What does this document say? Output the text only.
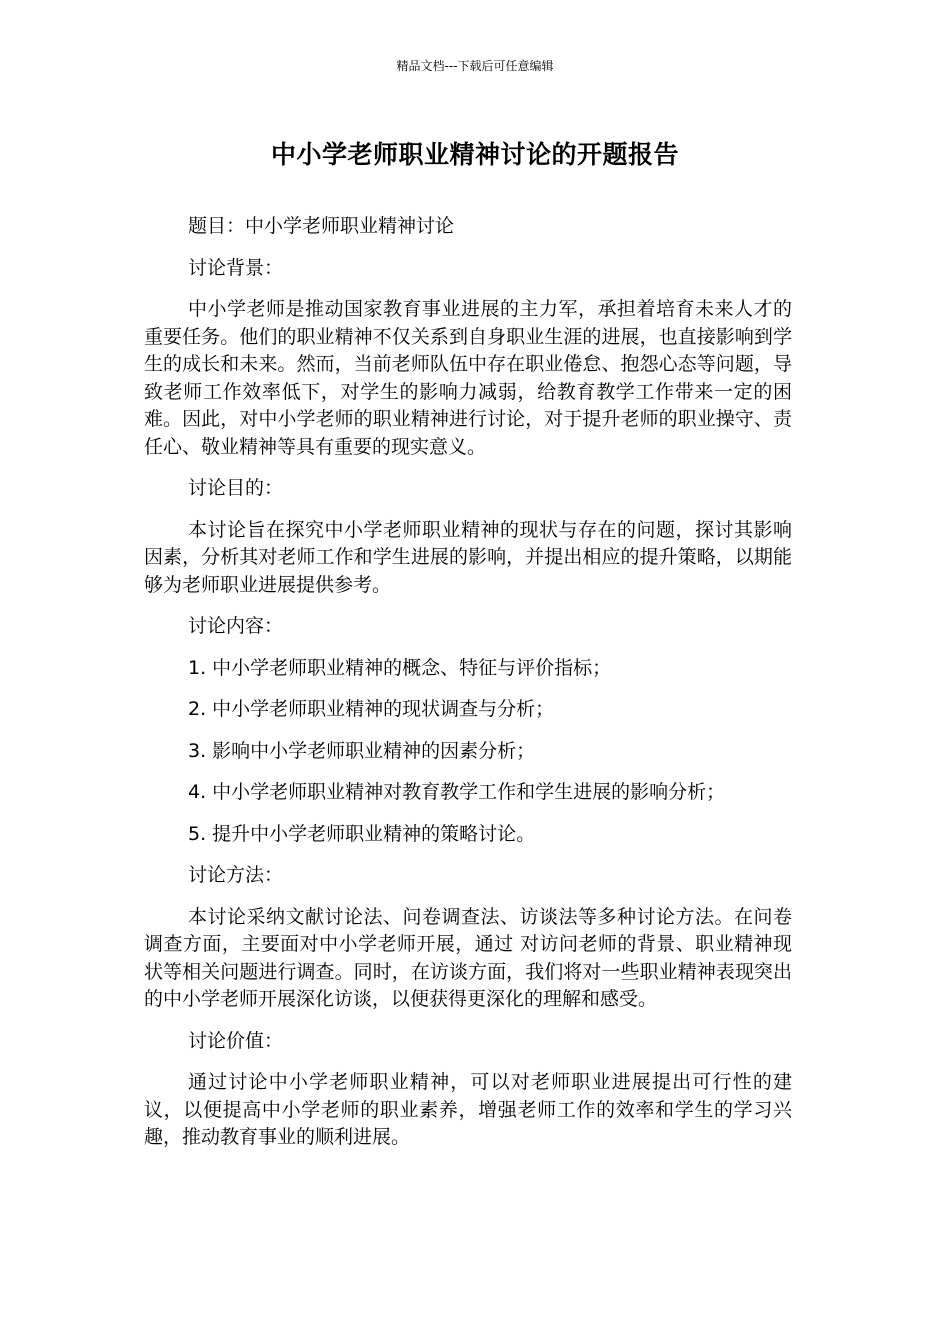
精品文档---下载后可任意编辑
中小学老师职业精神讨论的开题报告

题目：中小学老师职业精神讨论

讨论背景：

中小学老师是推动国家教育事业进展的主力军，承担着培育未来人才的重要任务。他们的职业精神不仅关系到自身职业生涯的进展，也直接影响到学生的成长和未来。然而，当前老师队伍中存在职业倦怠、抱怨心态等问题，导致老师工作效率低下，对学生的影响力减弱，给教育教学工作带来一定的困难。因此，对中小学老师的职业精神进行讨论，对于提升老师的职业操守、责任心、敬业精神等具有重要的现实意义。

讨论目的：

本讨论旨在探究中小学老师职业精神的现状与存在的问题，探讨其影响因素，分析其对老师工作和学生进展的影响，并提出相应的提升策略，以期能够为老师职业进展提供参考。

讨论内容：

1. 中小学老师职业精神的概念、特征与评价指标；

2. 中小学老师职业精神的现状调查与分析；

3. 影响中小学老师职业精神的因素分析；

4. 中小学老师职业精神对教育教学工作和学生进展的影响分析；

5. 提升中小学老师职业精神的策略讨论。

讨论方法：

本讨论采纳文献讨论法、问卷调查法、访谈法等多种讨论方法。在问卷调查方面，主要面对中小学老师开展，通过 对访问老师的背景、职业精神现状等相关问题进行调查。同时，在访谈方面，我们将对一些职业精神表现突出的中小学老师开展深化访谈，以便获得更深化的理解和感受。

讨论价值：

通过讨论中小学老师职业精神，可以对老师职业进展提出可行性的建议，以便提高中小学老师的职业素养，增强老师工作的效率和学生的学习兴趣，推动教育事业的顺利进展。
